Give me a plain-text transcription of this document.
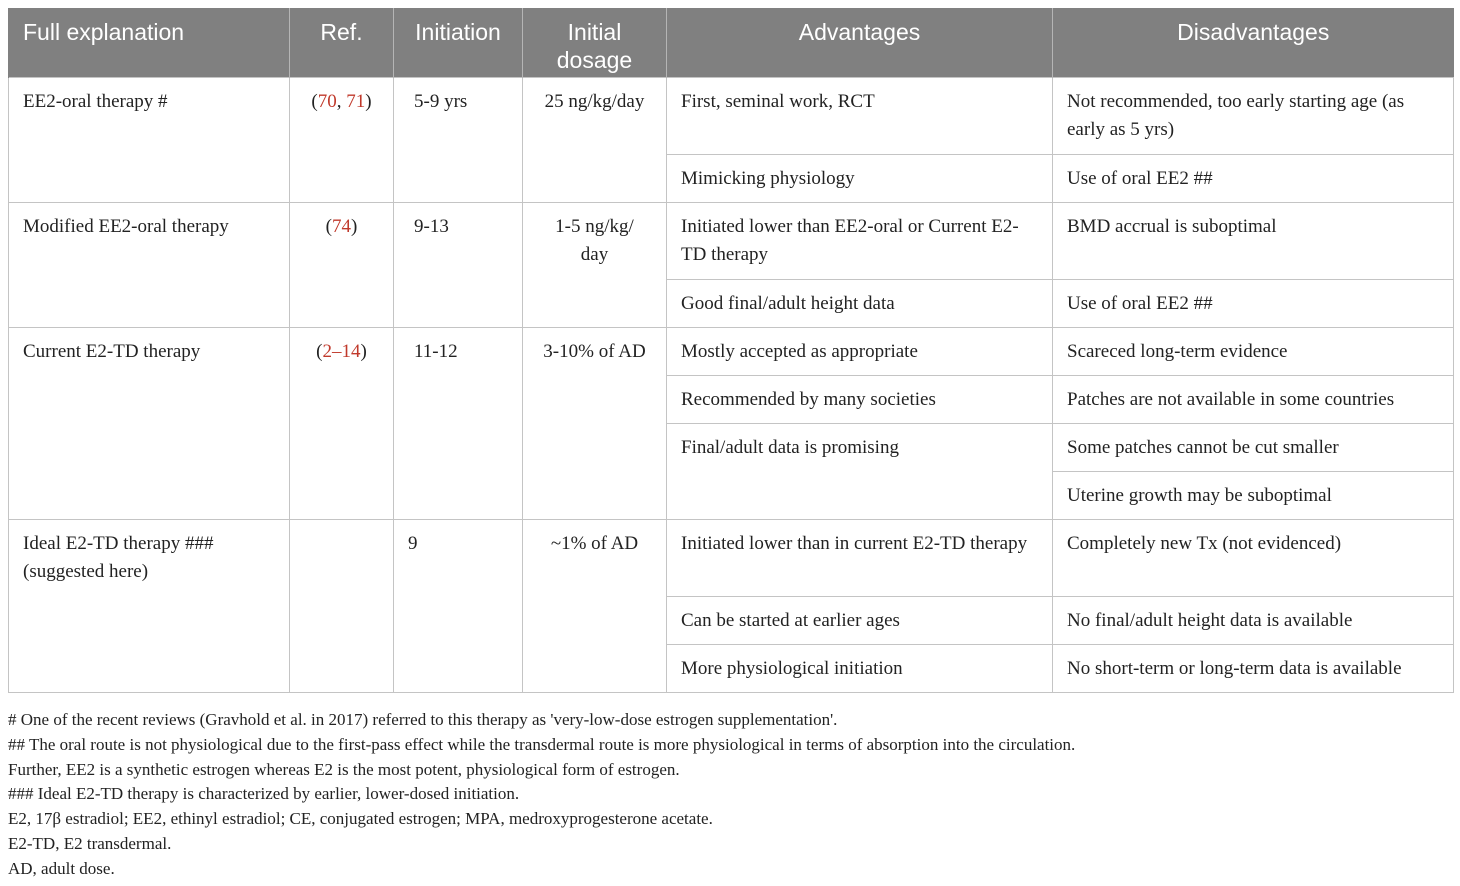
Full explanation	Ref.	Initiation	Initial dosage	Advantages	Disadvantages
EE2-oral therapy #	(70, 71)	5-9 yrs	25 ng/kg/day	First, seminal work, RCT	Not recommended, too early starting age (as early as 5 yrs)
				Mimicking physiology	Use of oral EE2 ##
Modified EE2-oral therapy	(74)	9-13	1-5 ng/kg/ day	Initiated lower than EE2-oral or Current E2-TD therapy	BMD accrual is suboptimal
				Good final/adult height data	Use of oral EE2 ##
Current E2-TD therapy	(2–14)	11-12	3-10% of AD	Mostly accepted as appropriate	Scareced long-term evidence
				Recommended by many societies	Patches are not available in some countries
				Final/adult data is promising	Some patches cannot be cut smaller
					Uterine growth may be suboptimal
Ideal E2-TD therapy ### (suggested here)		9	~1% of AD	Initiated lower than in current E2-TD therapy	Completely new Tx (not evidenced)
				Can be started at earlier ages	No final/adult height data is available
				More physiological initiation	No short-term or long-term data is available
# One of the recent reviews (Gravhold et al. in 2017) referred to this therapy as 'very-low-dose estrogen supplementation'.
## The oral route is not physiological due to the first-pass effect while the transdermal route is more physiological in terms of absorption into the circulation.
Further, EE2 is a synthetic estrogen whereas E2 is the most potent, physiological form of estrogen.
### Ideal E2-TD therapy is characterized by earlier, lower-dosed initiation.
E2, 17β estradiol; EE2, ethinyl estradiol; CE, conjugated estrogen; MPA, medroxyprogesterone acetate.
E2-TD, E2 transdermal.
AD, adult dose.
